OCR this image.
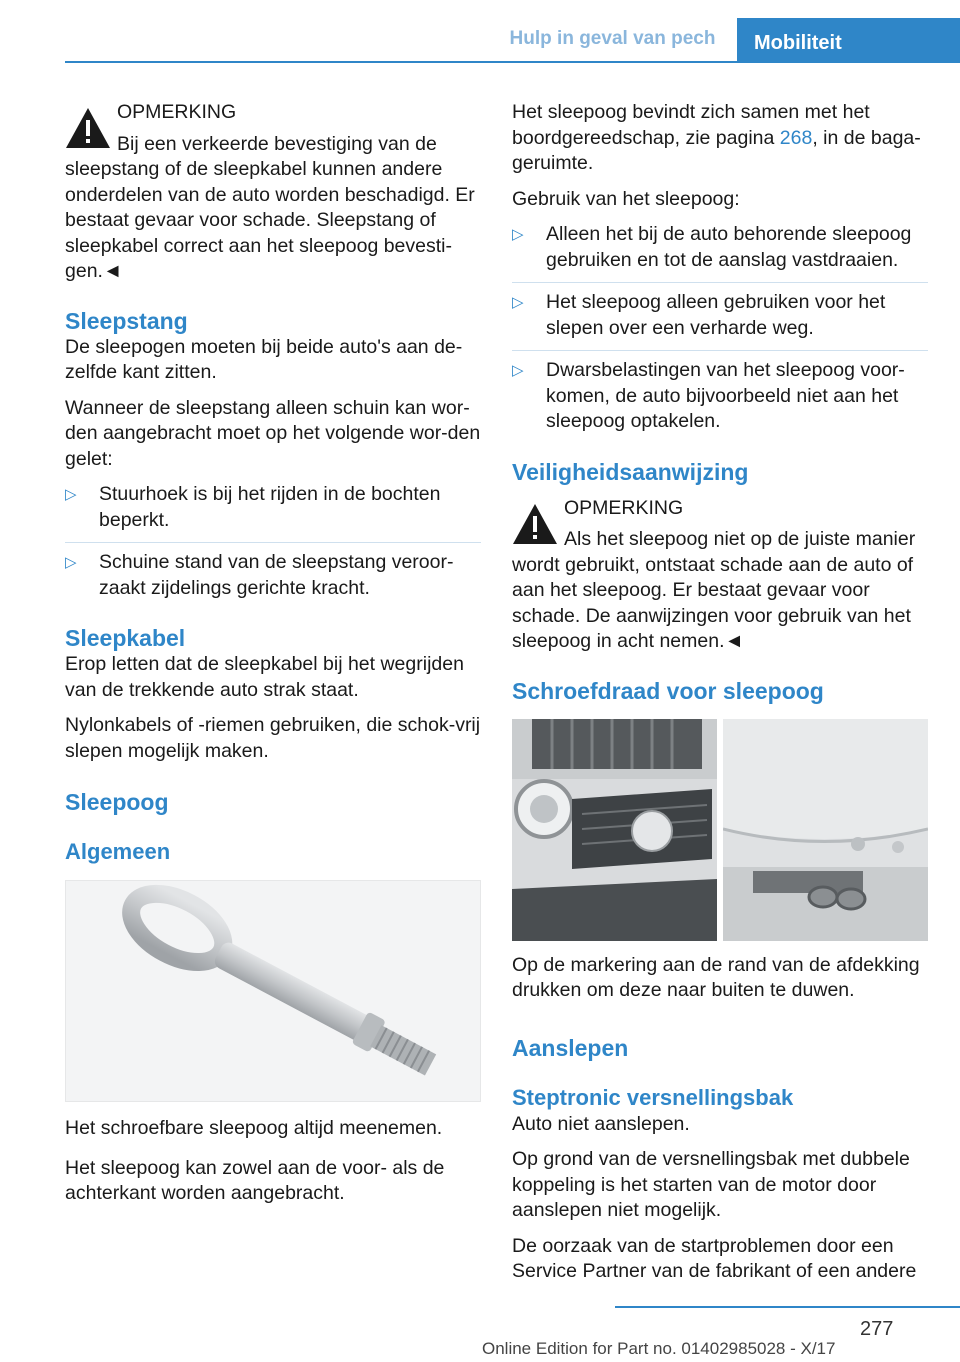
Hulp in geval van pech	Mobiliteit
OPMERKING
Bij een verkeerde bevestiging van de sleepstang of de sleepkabel kunnen andere onderdelen van de auto worden beschadigd. Er bestaat gevaar voor schade. Sleepstang of sleepkabel correct aan het sleepoog bevesti-gen.◄
Sleepstang

De sleepogen moeten bij beide auto's aan de-zelfde kant zitten.

Wanneer de sleepstang alleen schuin kan wor-den aangebracht moet op het volgende wor-den gelet:

▷ Stuurhoek is bij het rijden in de bochten beperkt.
▷ Schuine stand van de sleepstang veroor-zaakt zijdelings gerichte kracht.
Sleepkabel

Erop letten dat de sleepkabel bij het wegrijden van de trekkende auto strak staat.

Nylonkabels of -riemen gebruiken, die schok-vrij slepen mogelijk maken.

Sleepoog
Algemeen

Het schroefbare sleepoog altijd meenemen.

Het sleepoog kan zowel aan de voor- als de achterkant worden aangebracht.

Het sleepoog bevindt zich samen met het boordgereedschap, zie pagina 268, in de baga-geruimte.

Gebruik van het sleepoog:

▷ Alleen het bij de auto behorende sleepoog gebruiken en tot de aanslag vastdraaien.
▷ Het sleepoog alleen gebruiken voor het slepen over een verharde weg.
▷ Dwarsbelastingen van het sleepoog voor-komen, de auto bijvoorbeeld niet aan het sleepoog optakelen.
Veiligheidsaanwijzing
OPMERKING
Als het sleepoog niet op de juiste manier wordt gebruikt, ontstaat schade aan de auto of aan het sleepoog. Er bestaat gevaar voor schade. De aanwijzingen voor gebruik van het sleepoog in acht nemen.◄
Schroefdraad voor sleepoog

Op de markering aan de rand van de afdekking drukken om deze naar buiten te duwen.

Aanslepen
Steptronic versnellingsbak

Auto niet aanslepen.

Op grond van de versnellingsbak met dubbele koppeling is het starten van de motor door aanslepen niet mogelijk.

De oorzaak van de startproblemen door een Service Partner van de fabrikant of een andere

277
Online Edition for Part no. 01402985028 - X/17
